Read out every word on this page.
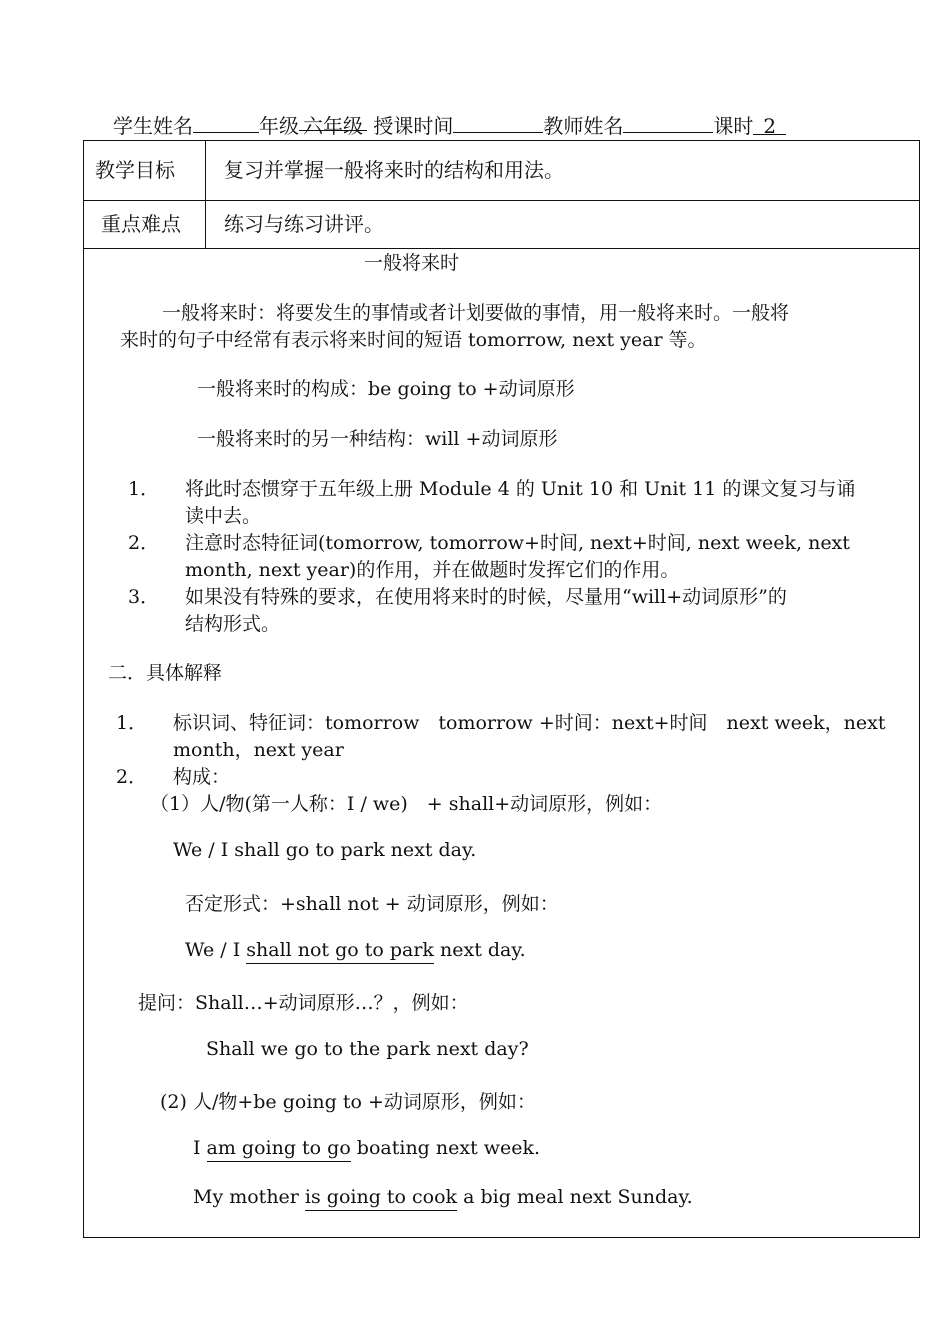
学生姓名	年级 六年级 授课时间	教师姓名	课时 2
教学目标 复习并掌握一般将来时的结构和用法。
重点难点 练习与练习讲评。
一般将来时
一般将来时：将要发生的事情或者计划要做的事情，用一般将来时。一般将
来时的句子中经常有表示将来时间的短语 tomorrow, next year 等。
一般将来时的构成：be going to +动词原形
一般将来时的另一种结构：will +动词原形
1． 将此时态惯穿于五年级上册 Module 4 的 Unit 10 和 Unit 11 的课文复习与诵
读中去。
2． 注意时态特征词(tomorrow, tomorrow+时间, next+时间, next week, next
month, next year)的作用，并在做题时发挥它们的作用。
3． 如果没有特殊的要求，在使用将来时的时候，尽量用“will+动词原形”的
结构形式。
二．具体解释
1． 标识词、特征词：tomorrow　tomorrow +时间：next+时间　next week，next
month，next year
2． 构成：
（1）人/物(第一人称：I / we)　+ shall+动词原形，例如：
We / I shall go to park next day.
否定形式：+shall not + 动词原形，例如：
We / I shall not go to park next day.
提问：Shall…+动词原形…？，例如：
Shall we go to the park next day?
(2) 人/物+be going to +动词原形，例如：
I am going to go boating next week.
My mother is going to cook a big meal next Sunday.
